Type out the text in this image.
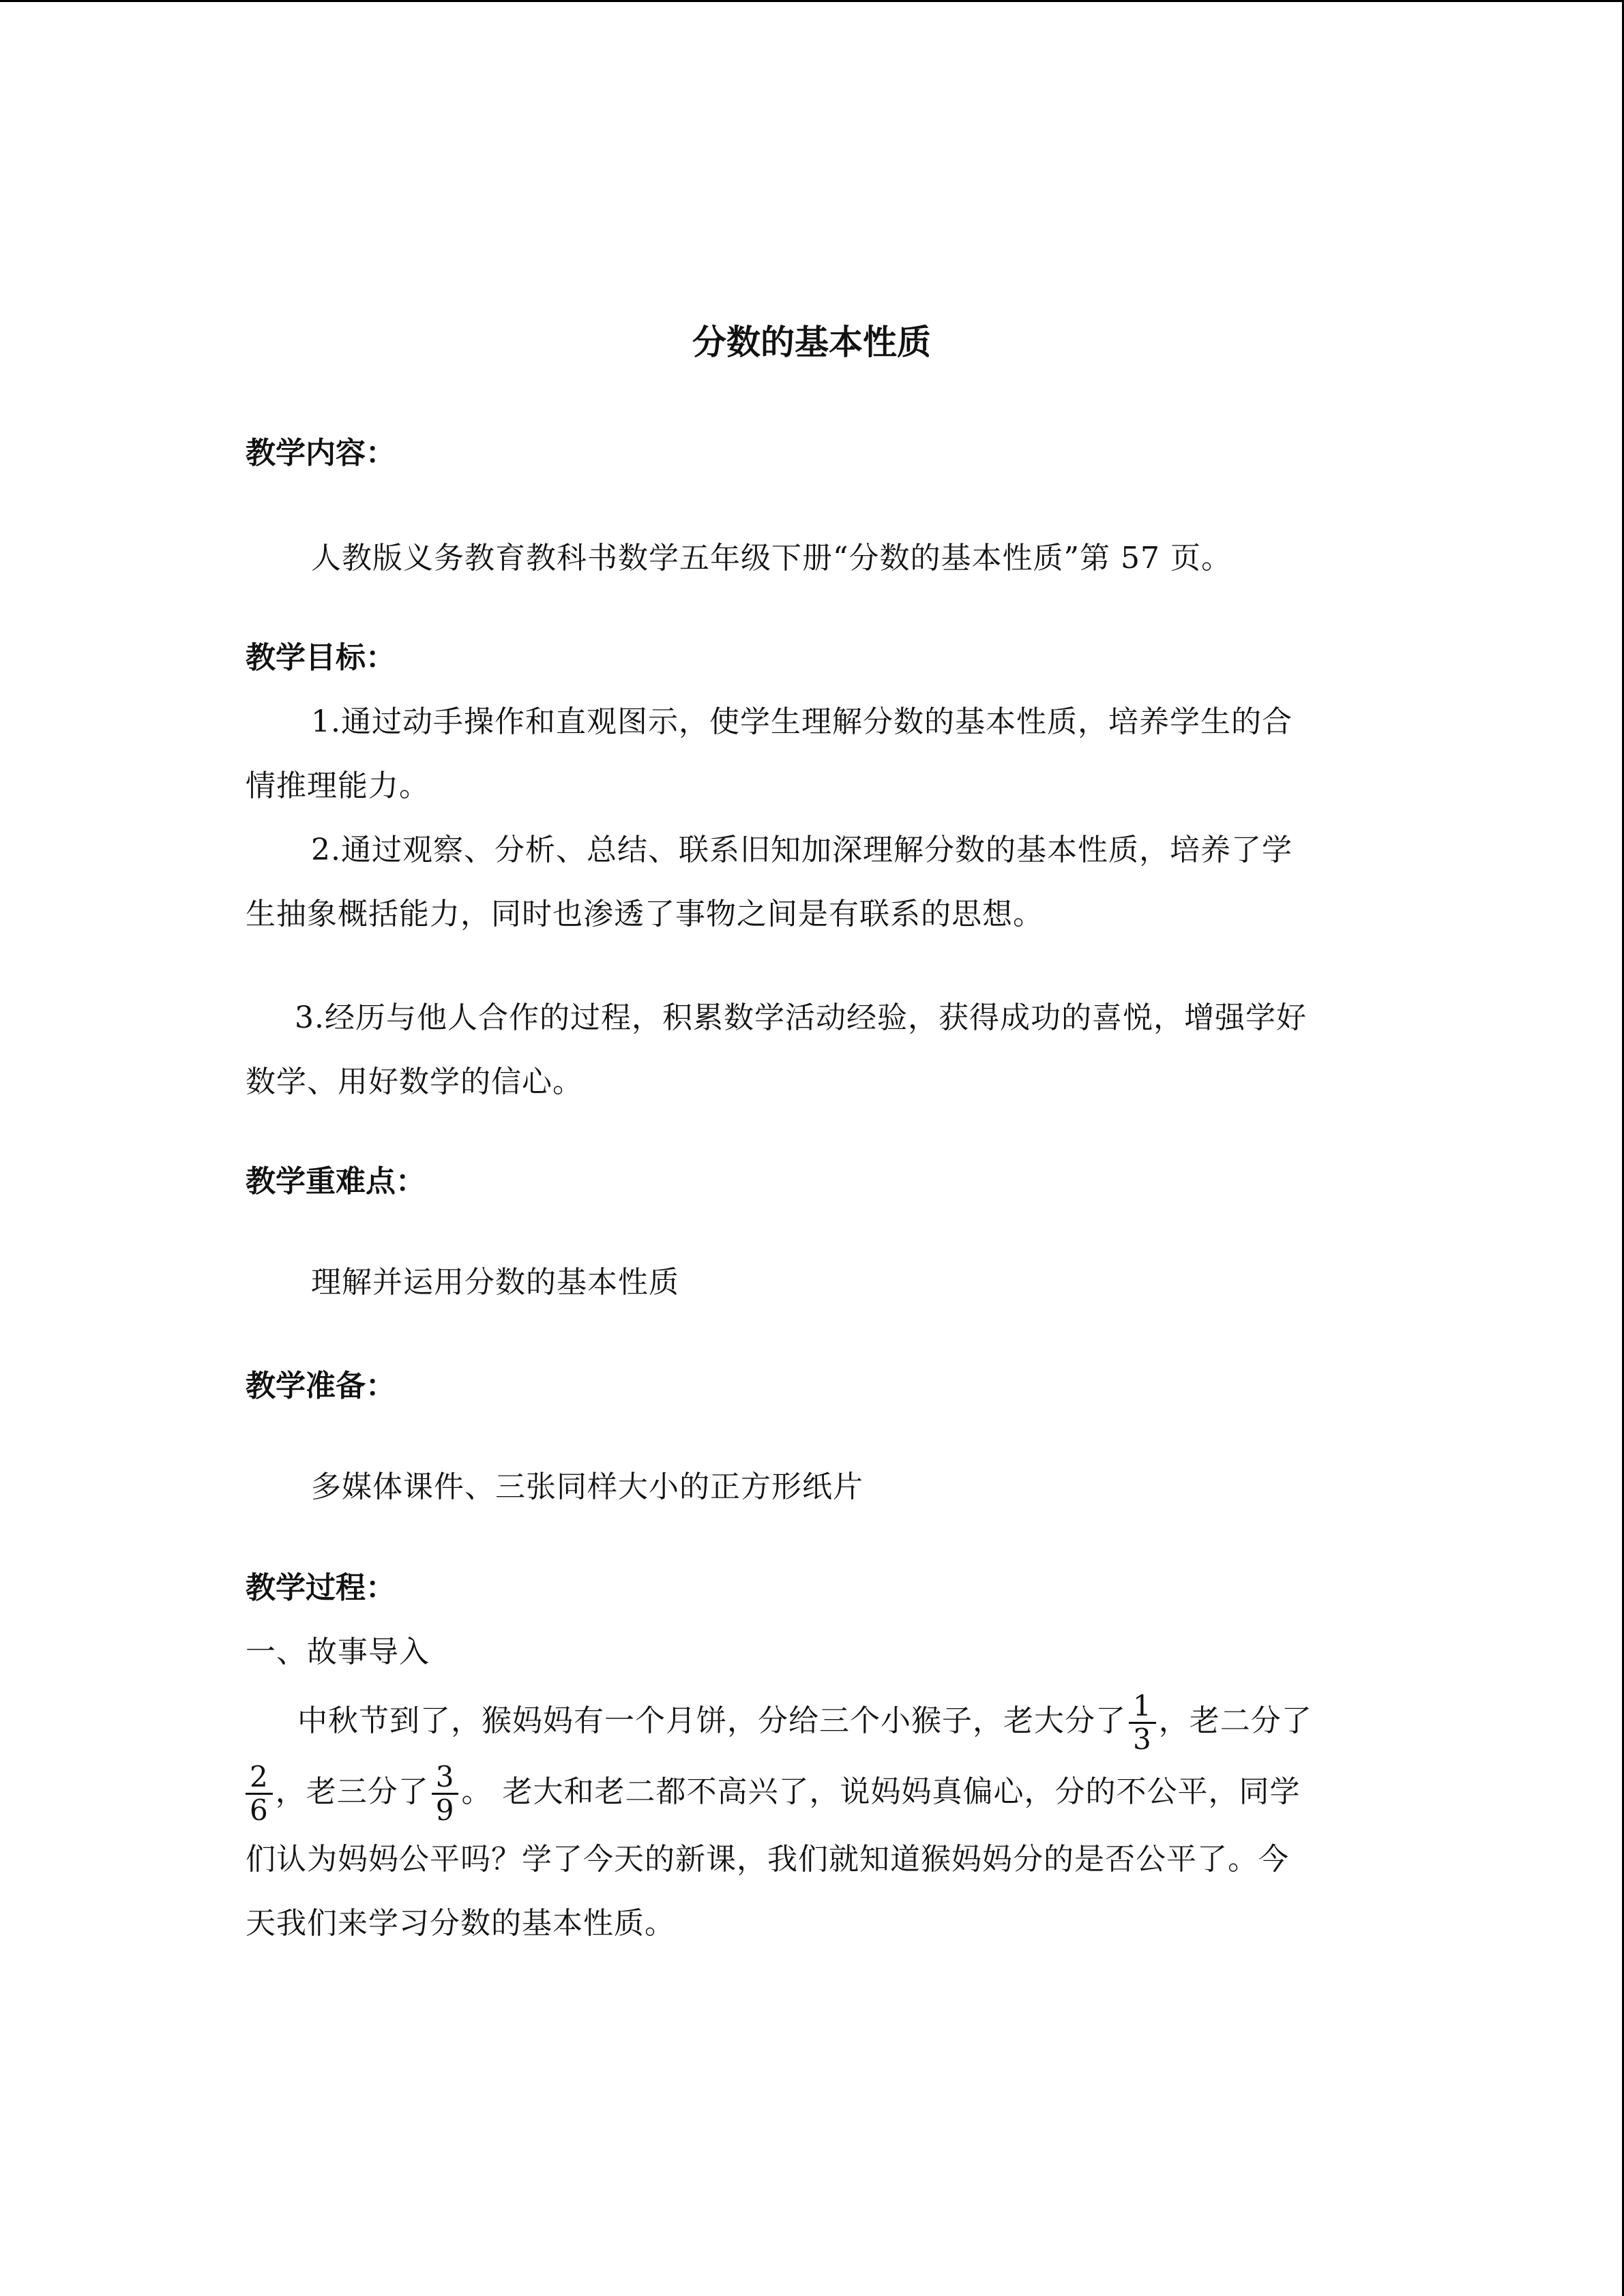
分数的基本性质
教学内容：
人教版义务教育教科书数学五年级下册“分数的基本性质”第 57 页。
教学目标：
1.通过动手操作和直观图示，使学生理解分数的基本性质，培养学生的合
情推理能力。
2.通过观察、分析、总结、联系旧知加深理解分数的基本性质，培养了学
生抽象概括能力，同时也渗透了事物之间是有联系的思想。
3.经历与他人合作的过程，积累数学活动经验，获得成功的喜悦，增强学好
数学、用好数学的信心。
教学重难点：
理解并运用分数的基本性质
教学准备：
多媒体课件、三张同样大小的正方形纸片
教学过程：
一、故事导入
中秋节到了，猴妈妈有一个月饼，分给三个小猴子，老大分了 $\frac{1}{3}$ ，老二分了
$\frac{2}{6}$ ，老三分了 $\frac{3}{9}$ 。 老大和老二都不高兴了，说妈妈真偏心，分的不公平，同学
们认为妈妈公平吗？学了今天的新课，我们就知道猴妈妈分的是否公平了。今
天我们来学习分数的基本性质。
